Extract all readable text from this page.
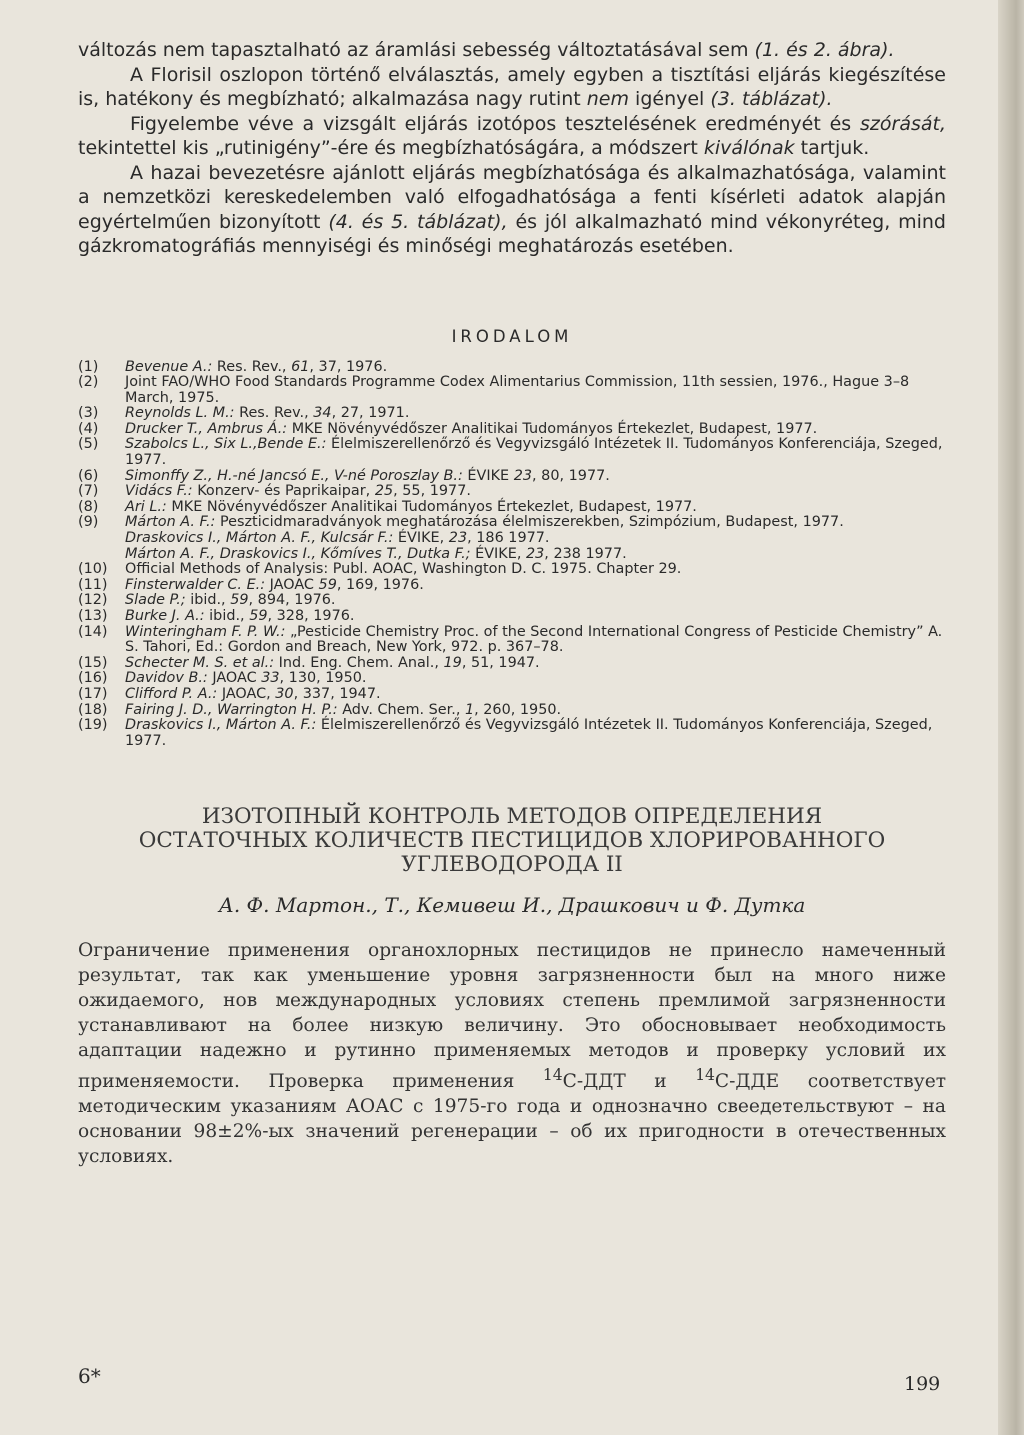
változás nem tapasztalható az áramlási sebesség változtatásával sem (1. és 2. ábra).

A Florisil oszlopon történő elválasztás, amely egyben a tisztítási eljárás kiegészítése is, hatékony és megbízható; alkalmazása nagy rutint nem igényel (3. táblázat).

Figyelembe véve a vizsgált eljárás izotópos tesztelésének eredményét és szórását, tekintettel kis „rutinigény”-ére és megbízhatóságára, a módszert kiválónak tartjuk.

A hazai bevezetésre ajánlott eljárás megbízhatósága és alkalmazhatósága, valamint a nemzetközi kereskedelemben való elfogadhatósága a fenti kísérleti adatok alapján egyértelműen bizonyított (4. és 5. táblázat), és jól alkalmazható mind vékonyréteg, mind gázkromatográfiás mennyiségi és minőségi meghatározás esetében.

IRODALOM
(1) Bevenue A.: Res. Rev., 61, 37, 1976.
(2) Joint FAO/WHO Food Standards Programme Codex Alimentarius Commission, 11th sessien, 1976., Hague 3–8 March, 1975.
(3) Reynolds L. M.: Res. Rev., 34, 27, 1971.
(4) Drucker T., Ambrus Á.: MKE Növényvédőszer Analitikai Tudományos Értekezlet, Budapest, 1977.
(5) Szabolcs L., Six L.,Bende E.: Élelmiszerellenőrző és Vegyvizsgáló Intézetek II. Tudományos Konferenciája, Szeged, 1977.
(6) Simonffy Z., H.-né Jancsó E., V-né Poroszlay B.: ÉVIKE 23, 80, 1977.
(7) Vidács F.: Konzerv- és Paprikaipar, 25, 55, 1977.
(8) Ari L.: MKE Növényvédőszer Analitikai Tudományos Értekezlet, Budapest, 1977.
(9) Márton A. F.: Peszticidmaradványok meghatározása élelmiszerekben, Szimpózium, Budapest, 1977.
Draskovics I., Márton A. F., Kulcsár F.: ÉVIKE, 23, 186 1977.
Márton A. F., Draskovics I., Kőmíves T., Dutka F.; ÉVIKE, 23, 238 1977.
(10) Official Methods of Analysis: Publ. AOAC, Washington D. C. 1975. Chapter 29.
(11) Finsterwalder C. E.: JAOAC 59, 169, 1976.
(12) Slade P.; ibid., 59, 894, 1976.
(13) Burke J. A.: ibid., 59, 328, 1976.
(14) Winteringham F. P. W.: „Pesticide Chemistry Proc. of the Second International Congress of Pesticide Chemistry” A. S. Tahori, Ed.: Gordon and Breach, New York, 972. p. 367–78.
(15) Schecter M. S. et al.: Ind. Eng. Chem. Anal., 19, 51, 1947.
(16) Davidov B.: JAOAC 33, 130, 1950.
(17) Clifford P. A.: JAOAC, 30, 337, 1947.
(18) Fairing J. D., Warrington H. P.: Adv. Chem. Ser., 1, 260, 1950.
(19) Draskovics I., Márton A. F.: Élelmiszerellenőrző és Vegyvizsgáló Intézetek II. Tudományos Konferenciája, Szeged, 1977.
ИЗОТОПНЫЙ КОНТРОЛЬ МЕТОДОВ ОПРЕДЕЛЕНИЯ
ОСТАТОЧНЫХ КОЛИЧЕСТВ ПЕСТИЦИДОВ ХЛОРИРОВАННОГО
УГЛЕВОДОРОДА II
А. Ф. Мартон., Т., Кемивеш И., Драшкович и Ф. Дутка

Ограничение применения органохлорных пестицидов не принесло намеченный результат, так как уменьшение уровня загрязненности был на много ниже ожидаемого, нов международных условиях степень премлимой загрязненности устанавливают на более низкую величину. Это обосновывает необходимость адаптации надежно и рутинно применяемых методов и проверку условий их применяемости. Проверка применения $^{14}$С-ДДТ и $^{14}$С-ДДЕ соответствует методическим указаниям АОАС с 1975-го года и однозначно свеедетельствуют – на основании 98±2%-ых значений регенерации – об их пригодности в отечественных условиях.

6*	199
